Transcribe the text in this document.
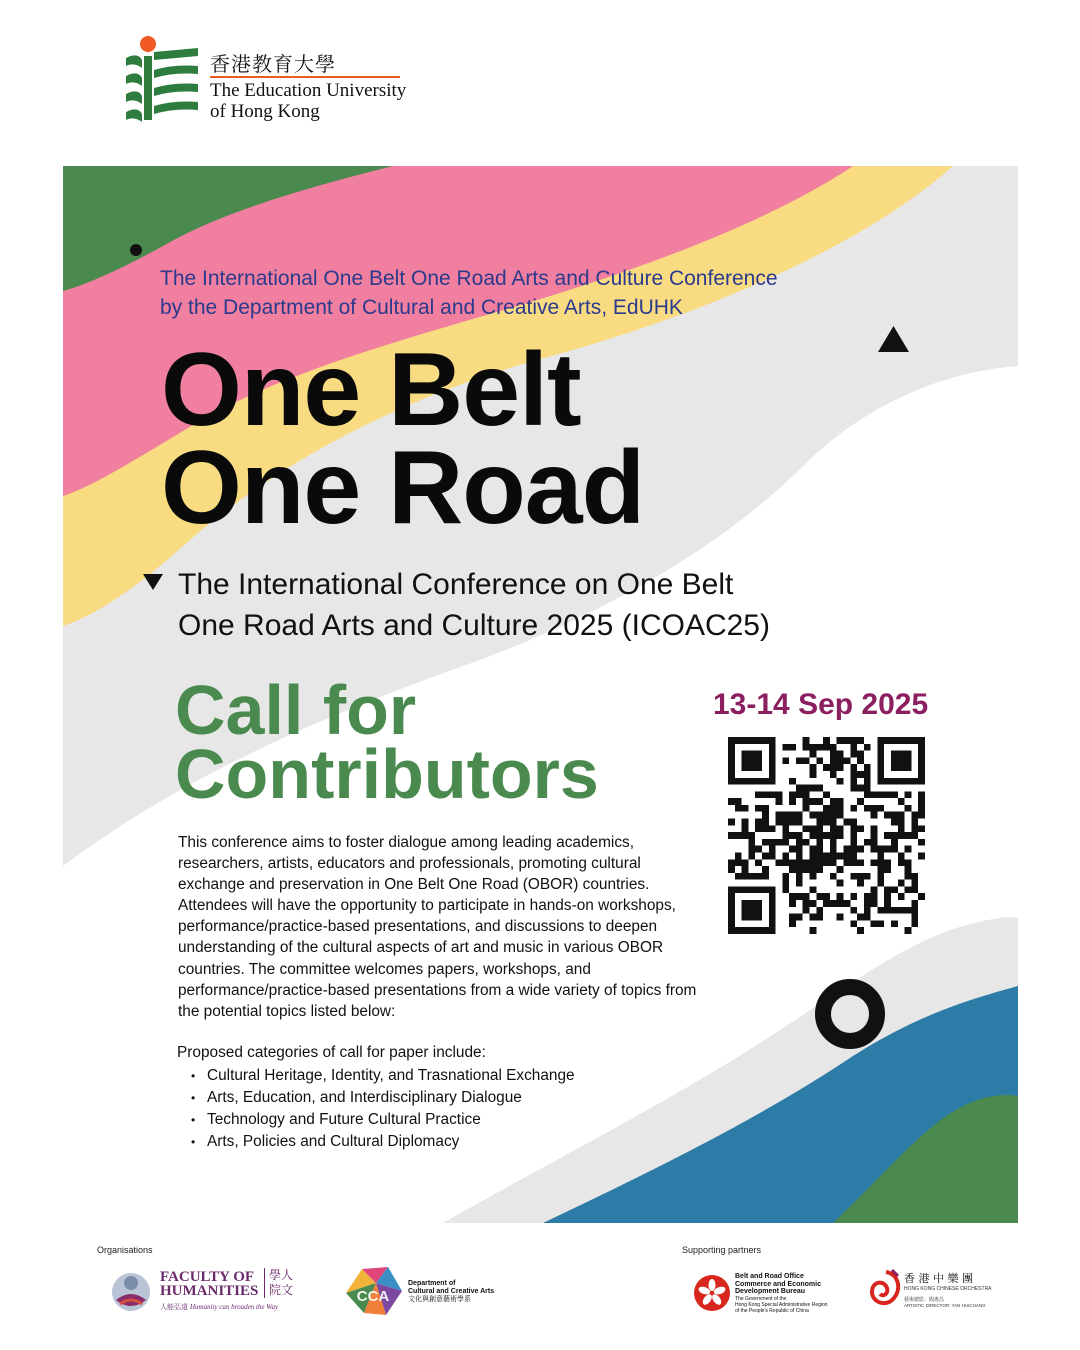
香港教育大學
The Education University
of Hong Kong
The International One Belt One Road Arts and Culture Conference
by the Department of Cultural and Creative Arts, EdUHK
One Belt
One Road
The International Conference on One Belt
One Road Arts and Culture 2025 (ICOAC25)
Call for
Contributors
13-14 Sep 2025
This conference aims to foster dialogue among leading academics, researchers, artists, educators and professionals, promoting cultural exchange and preservation in One Belt One Road (OBOR) countries. Attendees will have the opportunity to participate in hands-on workshops, performance/practice-based presentations, and discussions to deepen understanding of the cultural aspects of art and music in various OBOR countries. The committee welcomes papers, workshops, and performance/practice-based presentations from a wide variety of topics from the potential topics listed below:
Proposed categories of call for paper include:
• Cultural Heritage, Identity, and Trasnational Exchange
• Arts, Education, and Interdisciplinary Dialogue
• Technology and Future Cultural Practice
• Arts, Policies and Cultural Diplomacy
Organisations	Supporting partners
FACULTY OF
HUMANITIES
學人
院文
人能弘道 Humanity can broaden the Way
CCA
Department of
Cultural and Creative Arts
文化與創意藝術學系
Belt and Road Office
Commerce and Economic
Development Bureau
The Government of the
Hong Kong Special Administrative Region
of the People's Republic of China
香 港 中 樂 團
HONG KONG CHINESE ORCHESTRA
藝術總監：閻惠昌
ARTISTIC DIRECTOR: YAN HUICHANG
